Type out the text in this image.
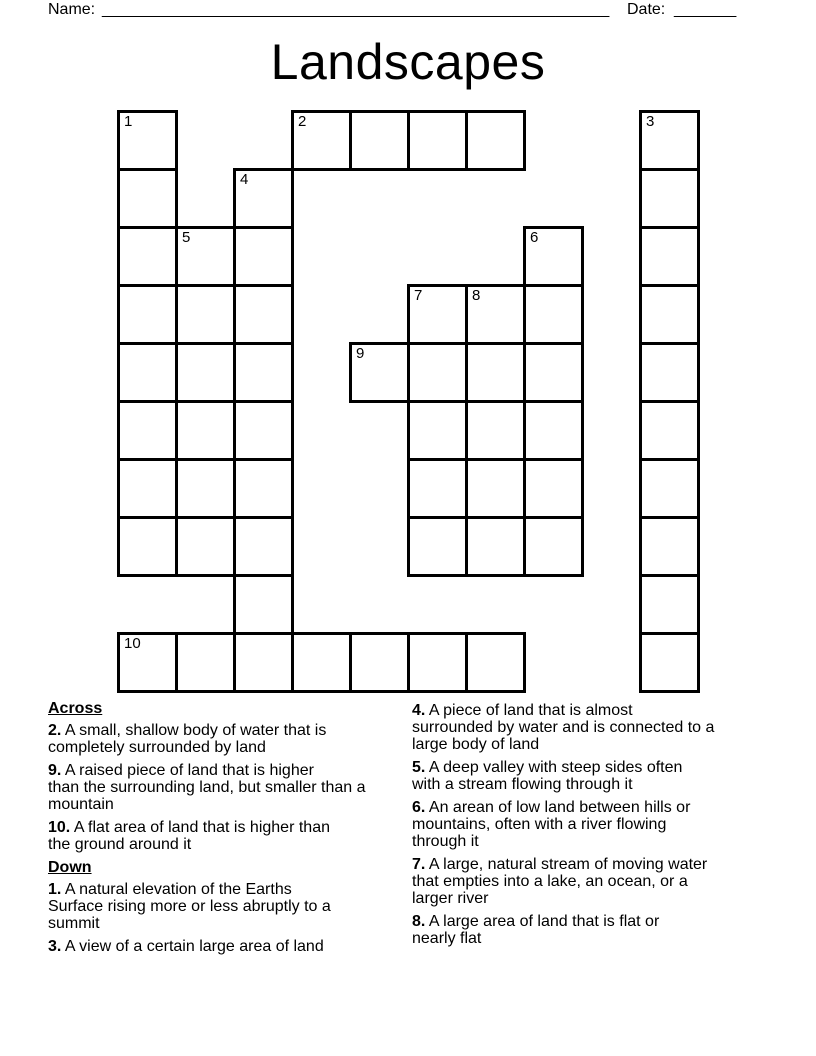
Name: _________________________________________________________ Date: _______
Landscapes
1
10
5
4
2
9
7	8
6
3
Across
2. A small, shallow body of water that is
completely surrounded by land
9. A raised piece of land that is higher
than the surrounding land, but smaller than a
mountain
10. A flat area of land that is higher than
the ground around it
Down
1. A natural elevation of the Earths
Surface rising more or less abruptly to a
summit
3. A view of a certain large area of land
4. A piece of land that is almost
surrounded by water and is connected to a
large body of land
5. A deep valley with steep sides often
with a stream flowing through it
6. An arean of low land between hills or
mountains, often with a river flowing
through it
7. A large, natural stream of moving water
that empties into a lake, an ocean, or a
larger river
8. A large area of land that is flat or
nearly flat
